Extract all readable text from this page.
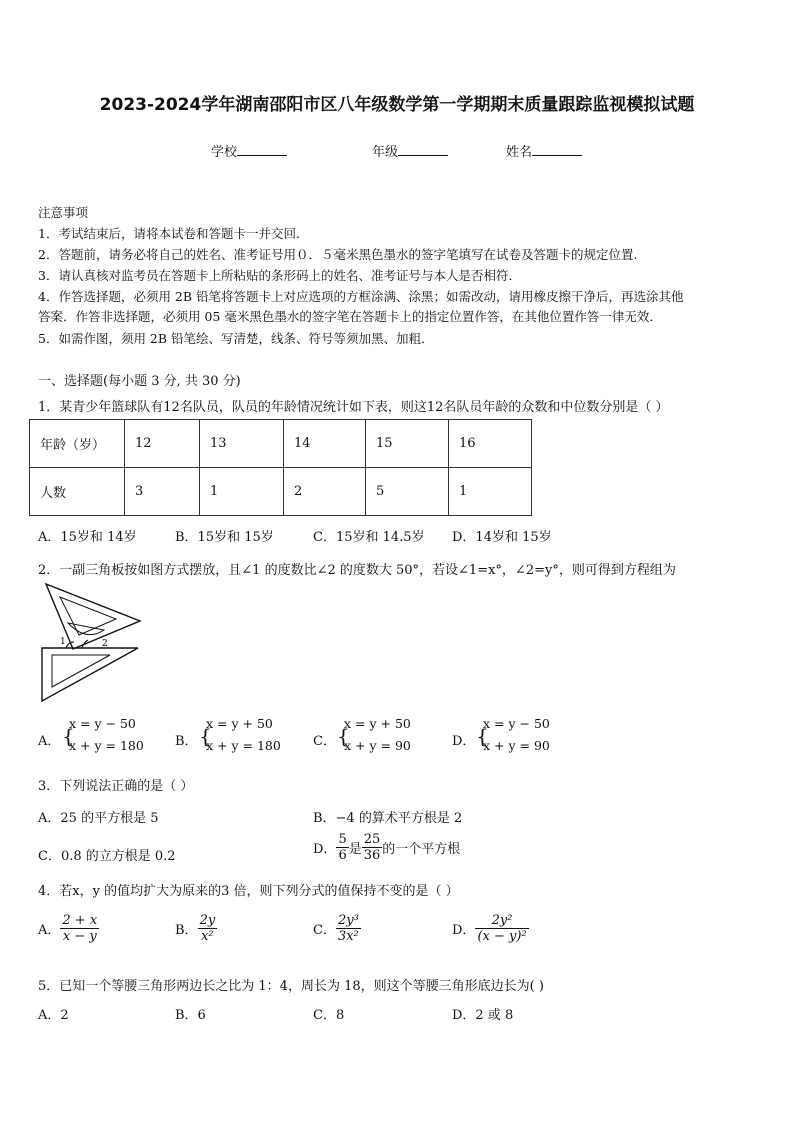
2023-2024学年湖南邵阳市区八年级数学第一学期期末质量跟踪监视模拟试题
学校	年级	姓名
注意事项
1．考试结束后，请将本试卷和答题卡一并交回.
2．答题前，请务必将自己的姓名、准考证号用０．５毫米黑色墨水的签字笔填写在试卷及答题卡的规定位置.
3．请认真核对监考员在答题卡上所粘贴的条形码上的姓名、准考证号与本人是否相符.
4．作答选择题，必须用 2B 铅笔将答题卡上对应选项的方框涂满、涂黑；如需改动，请用橡皮擦干净后，再选涂其他
答案．作答非选择题，必须用 05 毫米黑色墨水的签字笔在答题卡上的指定位置作答，在其他位置作答一律无效．
5．如需作图，须用 2B 铅笔绘、写清楚，线条、符号等须加黑、加粗．
一、选择题(每小题 3 分, 共 30 分)
1．某青少年篮球队有12名队员，队员的年龄情况统计如下表，则这12名队员年龄的众数和中位数分别是（ ）
年龄（岁）	12	13	14	15	16
人数	3	1	2	5	1
A．15岁和 14岁	B．15岁和 15岁	C．15岁和 14.5岁 D．14岁和 15岁
2．一副三角板按如图方式摆放，且∠1 的度数比∠2 的度数大 50°，若设∠1=x°，∠2=y°，则可得到方程组为
1	2
A． {
x = y − 50
x + y = 180 B． {
x = y + 50
x + y = 180 C． {
x = y + 50
x + y = 90	D． {
x = y − 50
x + y = 90
3．下列说法正确的是（ ）
A．25 的平方根是 5	B．−4 的算术平方根是 2
C．0.8 的立方根是 0.2	D． $\frac{5}{6}$ 是 $\frac{25}{36}$ 的一个平方根
4．若x，y 的值均扩大为原来的3 倍，则下列分式的值保持不变的是（ ）
A． $\frac{2 + x}{x - y}$	B． $\frac{2y}{\text{x²}}$	C． $\frac{\text{2y³}}{\text{3x²}}$	D． $\frac{\text{2y²}}{\text{(x − y)²}}$
5．已知一个等腰三角形两边长之比为 1：4，周长为 18，则这个等腰三角形底边长为( )
A．2	B．6	C．8	D．2 或 8
